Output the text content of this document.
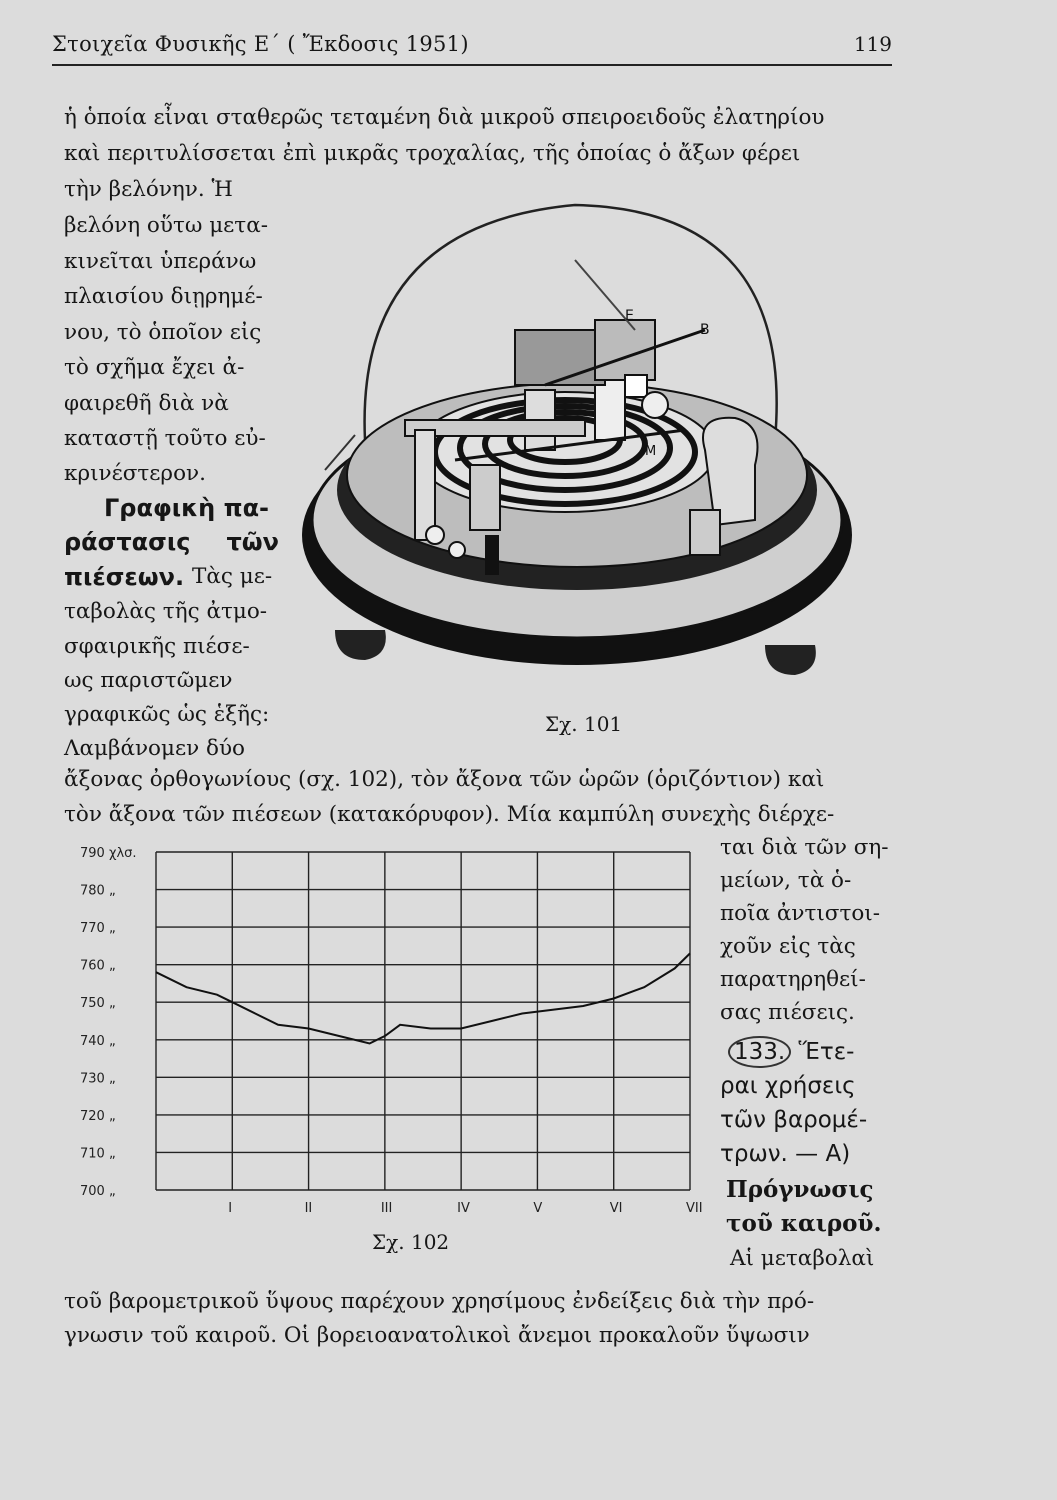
Στοιχεῖα Φυσικῆς Ε΄ ( Ἔκδοσις 1951)	119
ἡ ὁποία εἶναι σταθερῶς τεταμένη διὰ μικροῦ σπειροειδοῦς ἐλατηρίου
καὶ περιτυλίσσεται ἐπὶ μικρᾶς τροχαλίας, τῆς ὁποίας ὁ ἄξων φέρει
τὴν βελόνην. Ἡ
βελόνη οὕτω μετα-
κινεῖται ὑπεράνω
πλαισίου διῃρημέ-
νου, τὸ ὁποῖον εἰς
τὸ σχῆμα ἔχει ἀ-
φαιρεθῆ διὰ νὰ
καταστῇ τοῦτο εὐ-
κρινέστερον.
Γραφικὴ πα-
ράστασις τῶν
πιέσεων. Τὰς με-
ταβολὰς τῆς ἀτμο-
σφαιρικῆς πιέσε-
ως παριστῶμεν
γραφικῶς ὡς ἑξῆς:
Λαμβάνομεν δύο
E
B
M
Σχ. 101
ἄξονας ὀρθογωνίους (σχ. 102), τὸν ἄξονα τῶν ὡρῶν (ὁριζόντιον) καὶ
τὸν ἄξονα τῶν πιέσεων (κατακόρυφον). Μία καμπύλη συνεχὴς διέρχε-
ται διὰ τῶν ση-
μείων, τὰ ὁ-
ποῖα ἀντιστοι-
χοῦν εἰς τὰς
παρατηρηθεί-
σας πιέσεις.
133. Ἕτε-
ραι χρήσεις
τῶν βαρομέ-
τρων. — Α)
Πρόγνωσις
τοῦ καιροῦ.
Αἱ μεταβολαὶ
790 χλσ.
780 „
770 „
760 „
750 „
740 „
730 „
720 „
710 „
700 „
I	II	III	IV	V	VI	VII
Σχ. 102
τοῦ βαρομετρικοῦ ὕψους παρέχουν χρησίμους ἐνδείξεις διὰ τὴν πρό-
γνωσιν τοῦ καιροῦ. Οἱ βορειοανατολικοὶ ἄνεμοι προκαλοῦν ὕψωσιν
